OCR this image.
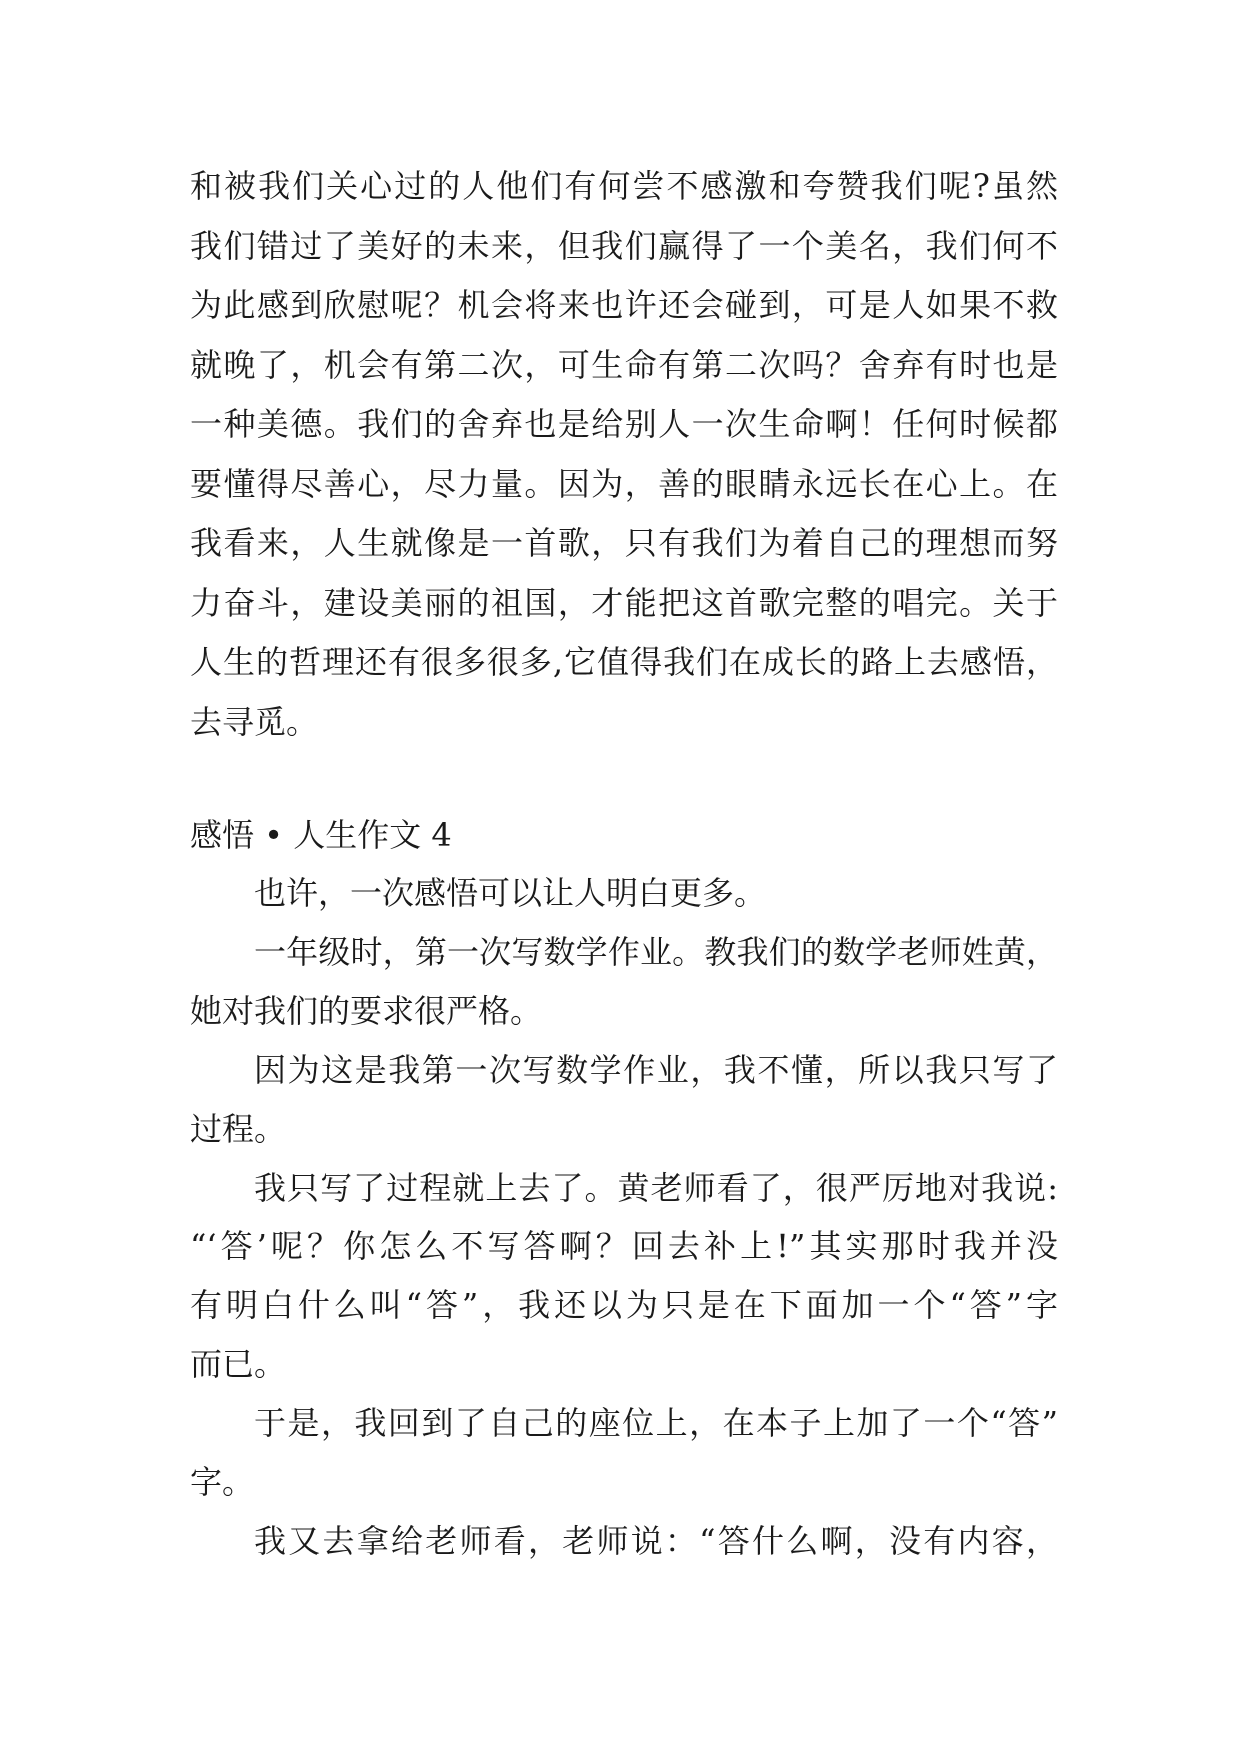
和被我们关心过的人他们有何尝不感激和夸赞我们呢?虽然
我们错过了美好的未来，但我们赢得了一个美名，我们何不
为此感到欣慰呢？机会将来也许还会碰到，可是人如果不救
就晚了，机会有第二次，可生命有第二次吗？舍弃有时也是
一种美德。我们的舍弃也是给别人一次生命啊！任何时候都
要懂得尽善心，尽力量。因为，善的眼睛永远长在心上。在
我看来，人生就像是一首歌，只有我们为着自己的理想而努
力奋斗，建设美丽的祖国，才能把这首歌完整的唱完。关于
人生的哲理还有很多很多,它值得我们在成长的路上去感悟，
去寻觅。
感悟 • 人生作文 4
也许，一次感悟可以让人明白更多。
一年级时，第一次写数学作业。教我们的数学老师姓黄，
她对我们的要求很严格。
因为这是我第一次写数学作业，我不懂，所以我只写了
过程。
我只写了过程就上去了。黄老师看了，很严厉地对我说:
“‘答’呢？你怎么不写答啊？回去补上!”其实那时我并没
有明白什么叫“答”，我还以为只是在下面加一个“答”字
而已。
于是，我回到了自己的座位上，在本子上加了一个“答”
字。
我又去拿给老师看，老师说：“答什么啊，没有内容，
